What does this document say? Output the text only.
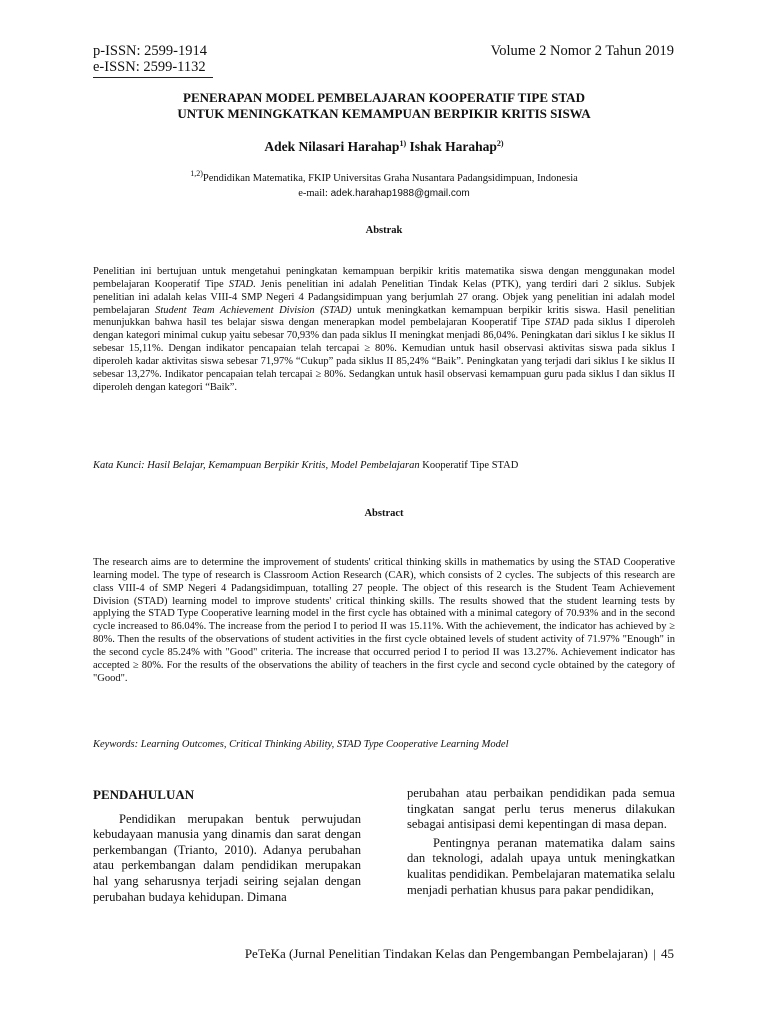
p-ISSN: 2599-1914
e-ISSN: 2599-1132
Volume 2 Nomor 2 Tahun 2019
PENERAPAN MODEL PEMBELAJARAN KOOPERATIF TIPE STAD
UNTUK MENINGKATKAN KEMAMPUAN BERPIKIR KRITIS SISWA
Adek Nilasari Harahap$^{1)}$ Ishak Harahap$^{2)}$
$^{1,2)}$Pendidikan Matematika, FKIP Universitas Graha Nusantara Padangsidimpuan, Indonesia
e-mail: adek.harahap1988@gmail.com
Abstrak
Penelitian ini bertujuan untuk mengetahui peningkatan kemampuan berpikir kritis matematika siswa dengan menggunakan model pembelajaran Kooperatif Tipe STAD. Jenis penelitian ini adalah Penelitian Tindak Kelas (PTK), yang terdiri dari 2 siklus. Subjek penelitian ini adalah kelas VIII-4 SMP Negeri 4 Padangsidimpuan yang berjumlah 27 orang. Objek yang penelitian ini adalah model pembelajaran Student Team Achievement Division (STAD) untuk meningkatkan kemampuan berpikir kritis siswa. Hasil penelitian menunjukkan bahwa hasil tes belajar siswa dengan menerapkan model pembelajaran Kooperatif Tipe STAD pada siklus I diperoleh dengan kategori minimal cukup yaitu sebesar 70,93% dan pada siklus II meningkat menjadi 86,04%. Peningkatan dari siklus I ke siklus II sebesar 15,11%. Dengan indikator pencapaian telah tercapai ≥ 80%. Kemudian untuk hasil observasi aktivitas siswa pada siklus I diperoleh kadar aktivitas siswa sebesar 71,97% “Cukup” pada siklus II 85,24% “Baik”. Peningkatan yang terjadi dari siklus I ke siklus II sebesar 13,27%. Indikator pencapaian telah tercapai ≥ 80%. Sedangkan untuk hasil observasi kemampuan guru pada siklus I dan siklus II diperoleh dengan kategori “Baik”.
Kata Kunci: Hasil Belajar, Kemampuan Berpikir Kritis, Model Pembelajaran Kooperatif Tipe STAD
Abstract
The research aims are to determine the improvement of students' critical thinking skills in mathematics by using the STAD Cooperative learning model. The type of research is Classroom Action Research (CAR), which consists of 2 cycles. The subjects of this research are class VIII-4 of SMP Negeri 4 Padangsidimpuan, totalling 27 people. The object of this research is the Student Team Achievement Division (STAD) learning model to improve students' critical thinking skills. The results showed that the student learning tests by applying the STAD Type Cooperative learning model in the first cycle has obtained with a minimal category of 70.93% and in the second cycle increased to 86.04%. The increase from the period I to period II was 15.11%. With the achievement, the indicator has achieved by ≥ 80%. Then the results of the observations of student activities in the first cycle obtained levels of student activity of 71.97% "Enough" in the second cycle 85.24% with "Good" criteria. The increase that occurred period I to period II was 13.27%. Achievement indicator has accepted ≥ 80%. For the results of the observations the ability of teachers in the first cycle and second cycle obtained by the category of "Good".
Keywords: Learning Outcomes, Critical Thinking Ability, STAD Type Cooperative Learning Model
PENDAHULUAN

Pendidikan merupakan bentuk perwujudan kebudayaan manusia yang dinamis dan sarat dengan perkembangan (Trianto, 2010). Adanya perubahan atau perkembangan dalam pendidikan merupakan hal yang seharusnya terjadi seiring sejalan dengan perubahan budaya kehidupan. Dimana

perubahan atau perbaikan pendidikan pada semua tingkatan sangat perlu terus menerus dilakukan sebagai antisipasi demi kepentingan di masa depan.

Pentingnya peranan matematika dalam sains dan teknologi, adalah upaya untuk meningkatkan kualitas pendidikan. Pembelajaran matematika selalu menjadi perhatian khusus para pakar pendidikan,

PeTeKa (Jurnal Penelitian Tindakan Kelas dan Pengembangan Pembelajaran) | 45
